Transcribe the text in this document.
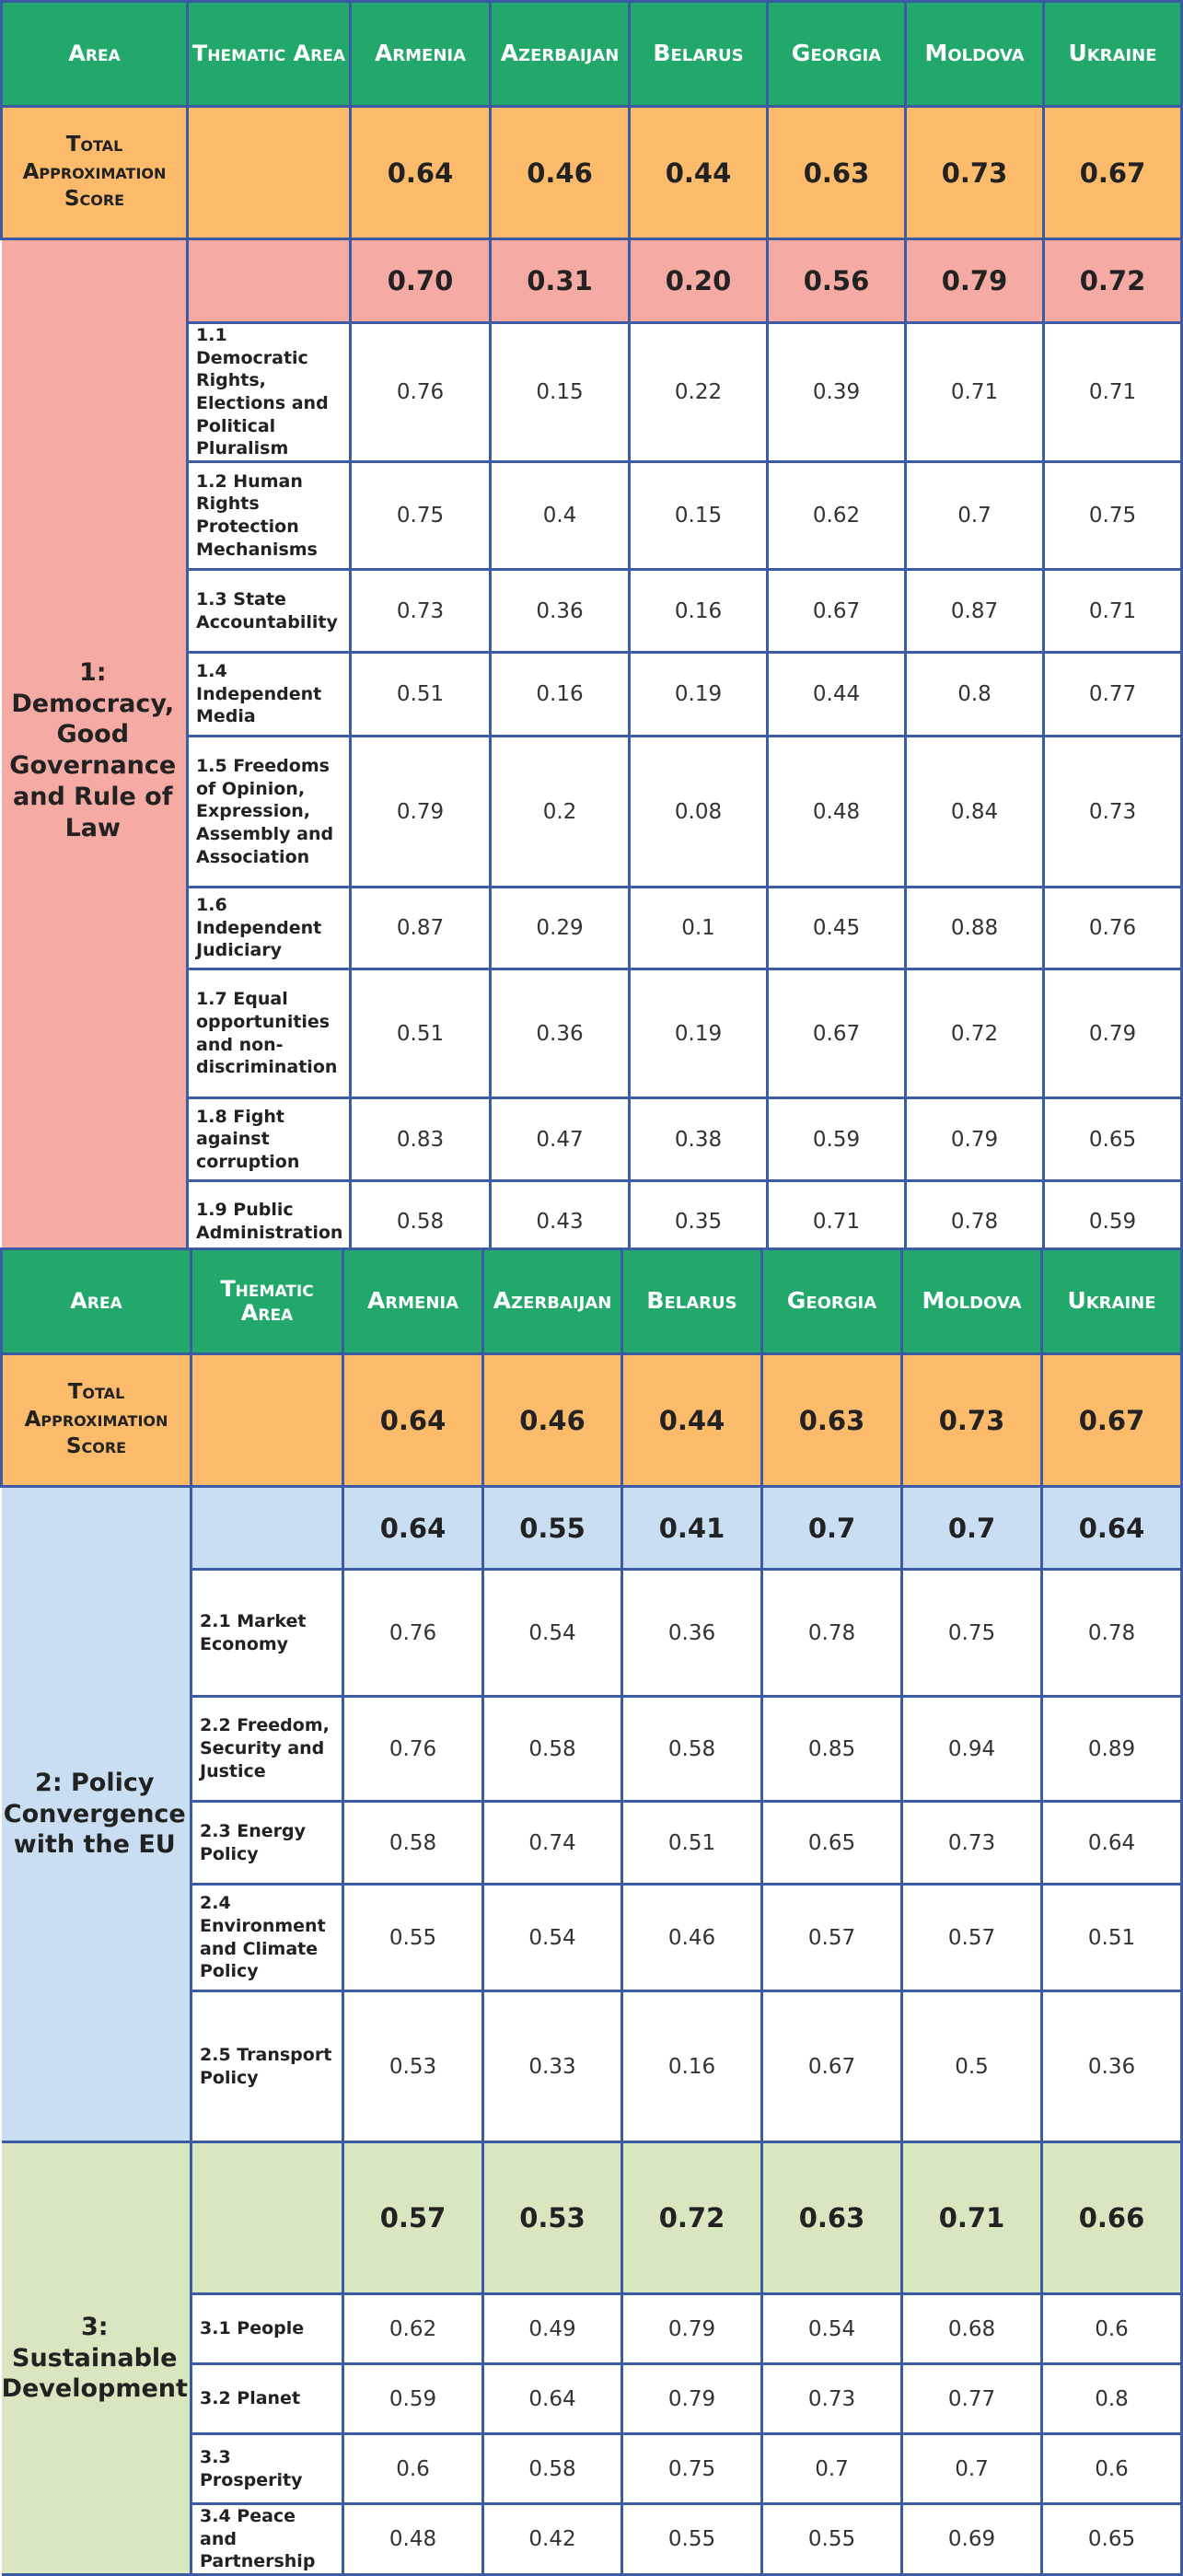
Area	Thematic Area	Armenia	Azerbaijan	Belarus	Georgia	Moldova	Ukraine
Total Approximation Score		0.64	0.46	0.44	0.63	0.73	0.67
1: Democracy, Good Governance and Rule of Law		0.70	0.31	0.20	0.56	0.79	0.72
	1.1 Democratic Rights, Elections and Political Pluralism	0.76	0.15	0.22	0.39	0.71	0.71
	1.2 Human Rights Protection Mechanisms	0.75	0.4	0.15	0.62	0.7	0.75
	1.3 State Accountability	0.73	0.36	0.16	0.67	0.87	0.71
	1.4 Independent Media	0.51	0.16	0.19	0.44	0.8	0.77
	1.5 Freedoms of Opinion, Expression, Assembly and Association	0.79	0.2	0.08	0.48	0.84	0.73
	1.6 Independent Judiciary	0.87	0.29	0.1	0.45	0.88	0.76
	1.7 Equal opportunities and non-discrimination	0.51	0.36	0.19	0.67	0.72	0.79
	1.8 Fight against corruption	0.83	0.47	0.38	0.59	0.79	0.65
	1.9 Public Administration	0.58	0.43	0.35	0.71	0.78	0.59
Area	Thematic Area	Armenia	Azerbaijan	Belarus	Georgia	Moldova	Ukraine
Total Approximation Score		0.64	0.46	0.44	0.63	0.73	0.67
2: Policy Convergence with the EU		0.64	0.55	0.41	0.7	0.7	0.64
	2.1 Market Economy	0.76	0.54	0.36	0.78	0.75	0.78
	2.2 Freedom, Security and Justice	0.76	0.58	0.58	0.85	0.94	0.89
	2.3 Energy Policy	0.58	0.74	0.51	0.65	0.73	0.64
	2.4 Environment and Climate Policy	0.55	0.54	0.46	0.57	0.57	0.51
	2.5 Transport Policy	0.53	0.33	0.16	0.67	0.5	0.36
3: Sustainable Development		0.57	0.53	0.72	0.63	0.71	0.66
	3.1 People	0.62	0.49	0.79	0.54	0.68	0.6
	3.2 Planet	0.59	0.64	0.79	0.73	0.77	0.8
	3.3 Prosperity	0.6	0.58	0.75	0.7	0.7	0.6
	3.4 Peace and Partnership	0.48	0.42	0.55	0.55	0.69	0.65
